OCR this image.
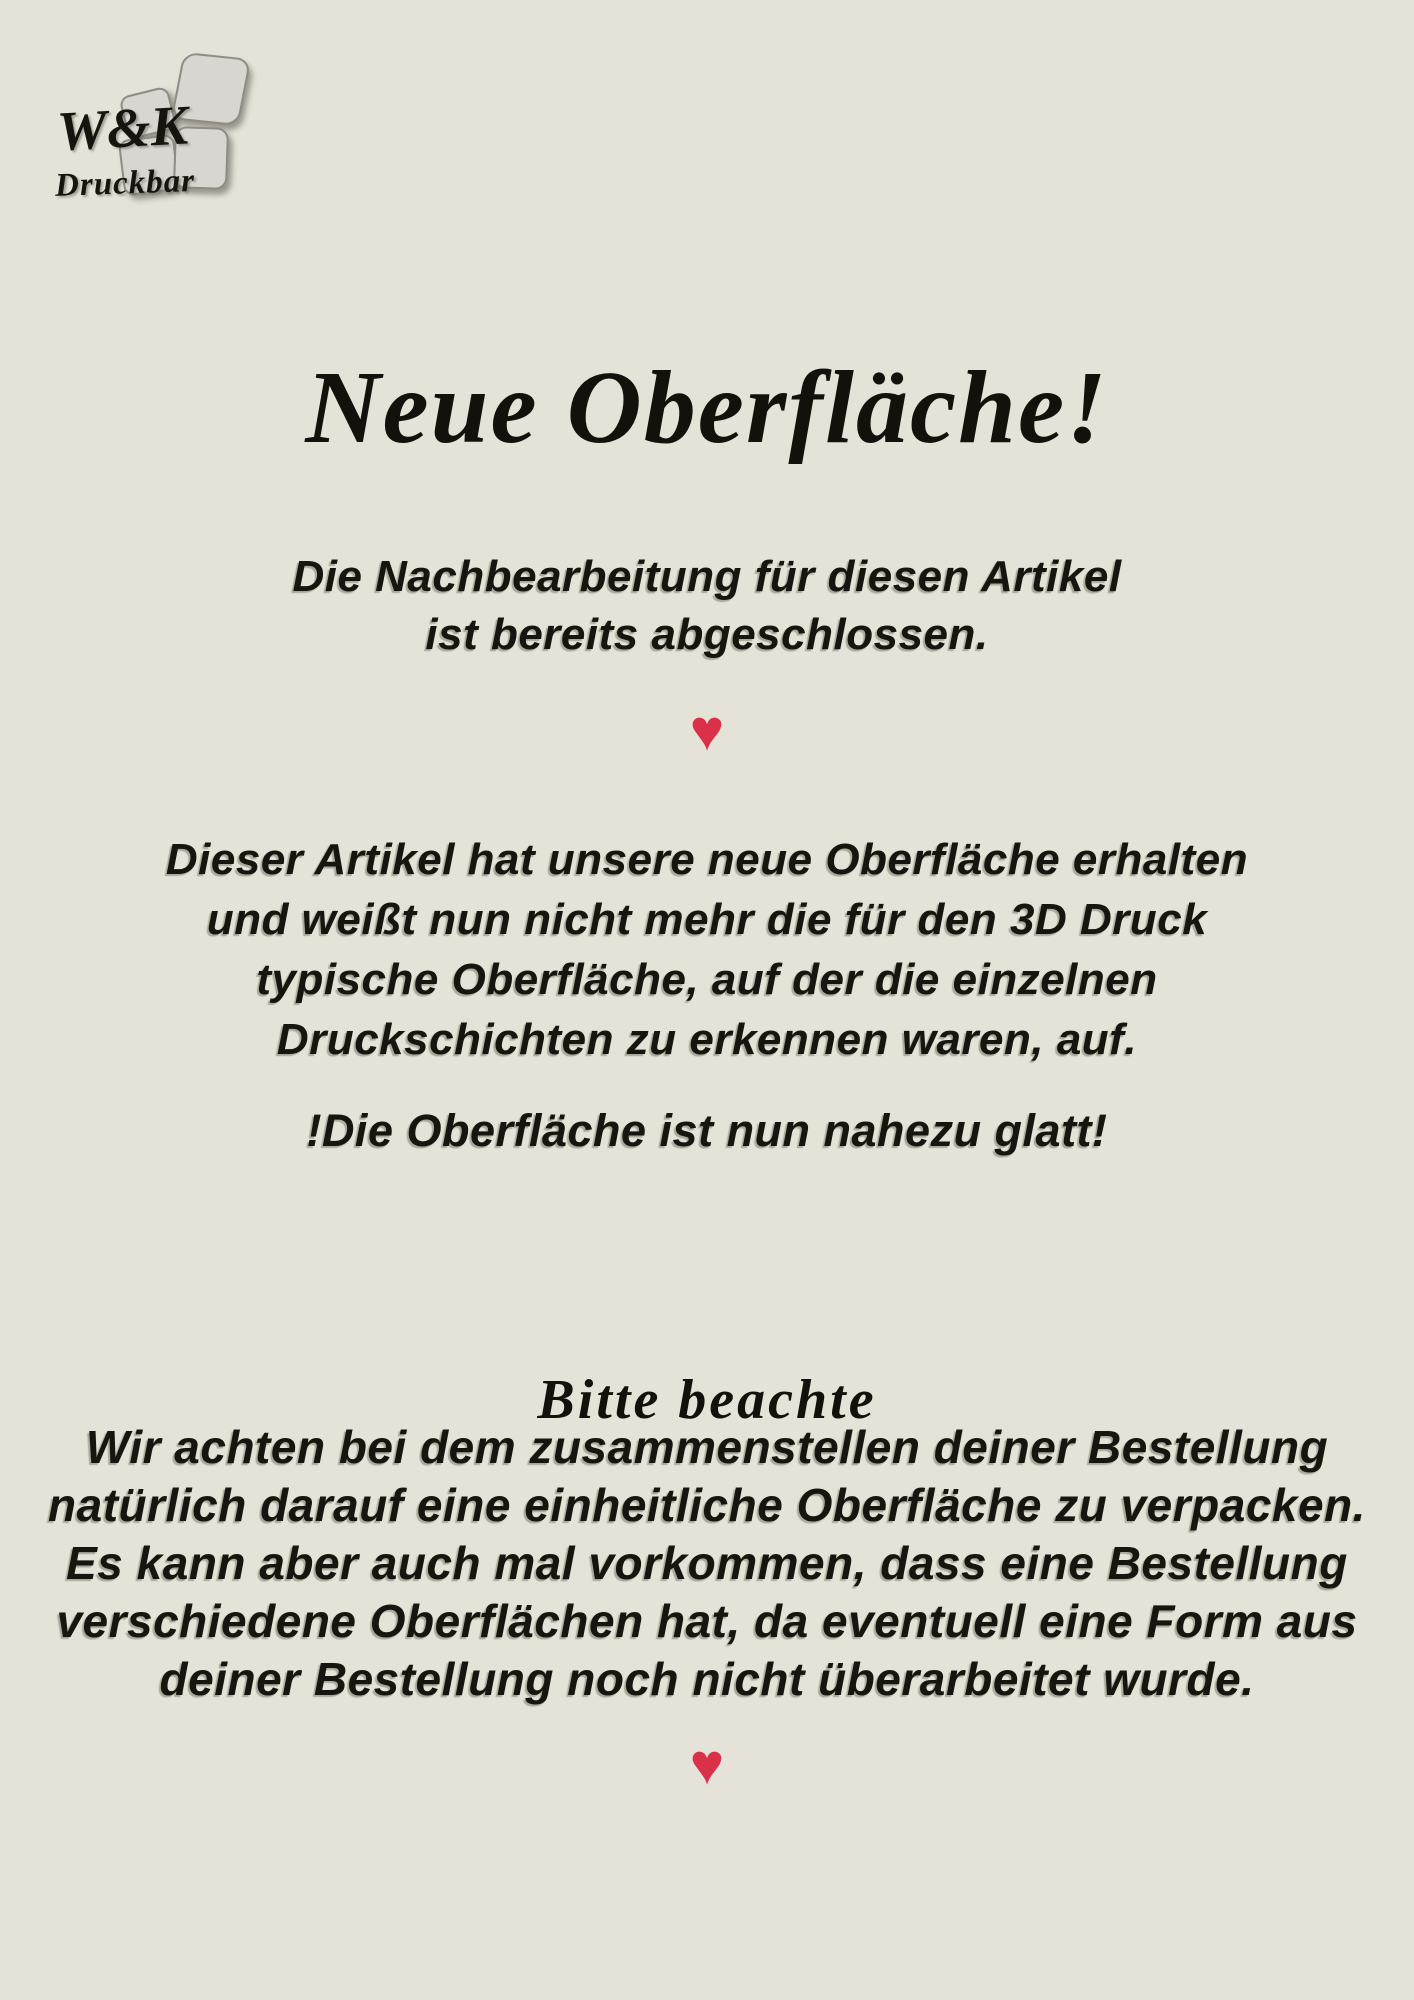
W&K
Druckbar
Neue Oberfläche!
Die Nachbearbeitung für diesen Artikel
ist bereits abgeschlossen.
♥
Dieser Artikel hat unsere neue Oberfläche erhalten
und weißt nun nicht mehr die für den 3D Druck
typische Oberfläche, auf der die einzelnen
Druckschichten zu erkennen waren, auf.
!Die Oberfläche ist nun nahezu glatt!
Bitte beachte
Wir achten bei dem zusammenstellen deiner Bestellung
natürlich darauf eine einheitliche Oberfläche zu verpacken.
Es kann aber auch mal vorkommen, dass eine Bestellung
verschiedene Oberflächen hat, da eventuell eine Form aus
deiner Bestellung noch nicht überarbeitet wurde.
♥
